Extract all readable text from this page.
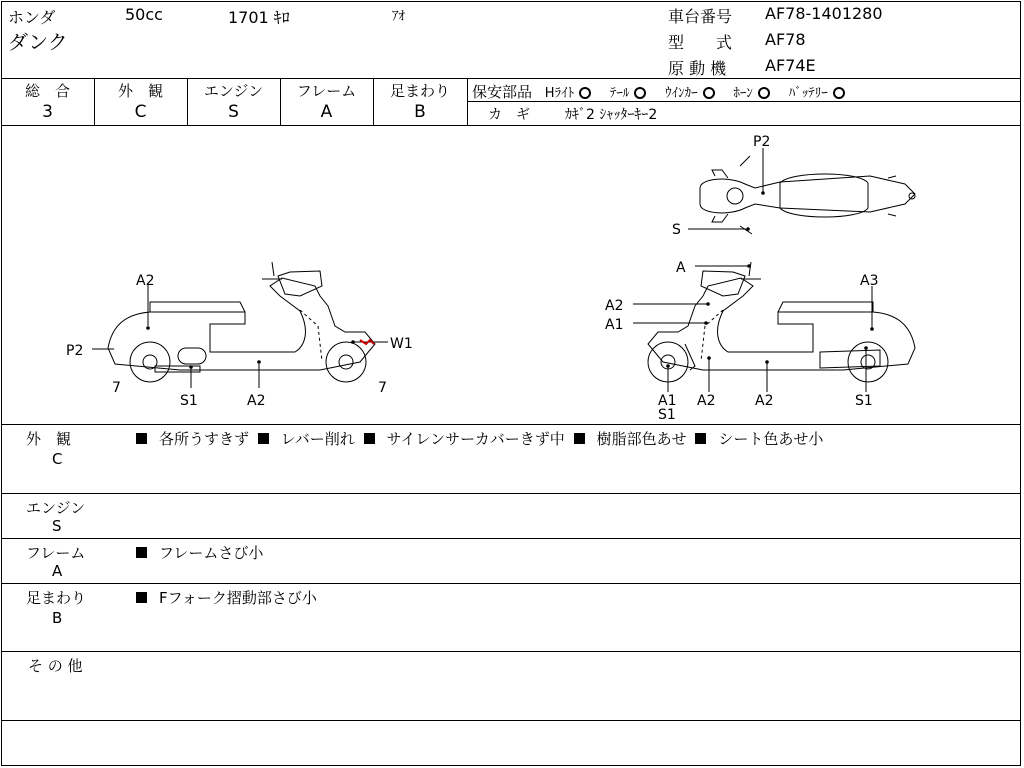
ホンダ	50cc	1701 ｷﾛ	ｱｵ
ダンク
車台番号 AF78-1401280
型　　式 AF78
原 動 機 AF74E
総　合
3
外　観
C
エンジン
S
フレーム
A
足まわり
B
保安部品 Hﾗｲﾄ	ﾃｰﾙ	ｳｲﾝｶｰ	ﾎｰﾝ	ﾊﾞｯﾃﾘｰ
カ　ギ	ｶｷﾞ2 ｼｬｯﾀｰｷｰ2
A2
P2	W1
7
S1	A2
7
P2
S
A
A3
A2
A1
A1
S1
A2	A2	S1
外　観
C
各所うすきず レバー削れ サイレンサーカバーきず中 樹脂部色あせ シート色あせ小
エンジン
S
フレーム
A
フレームさび小
足まわり
B
Fフォーク摺動部さび小
そ の 他
